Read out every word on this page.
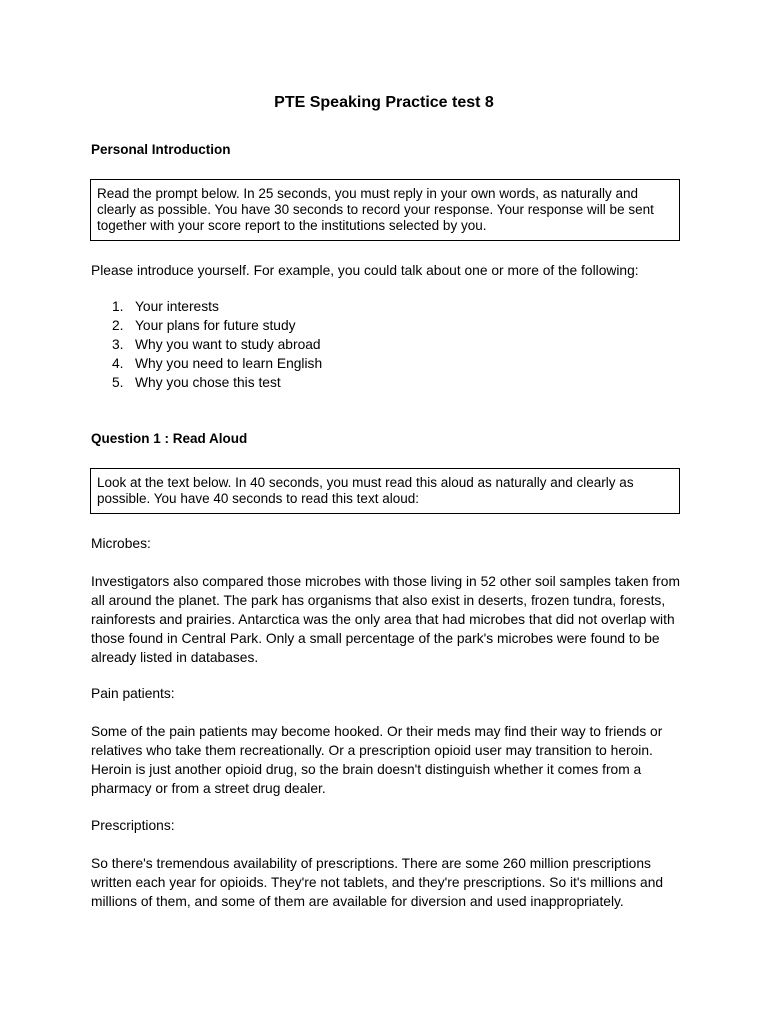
PTE Speaking Practice test 8
Personal Introduction
Read the prompt below. In 25 seconds, you must reply in your own words, as naturally and clearly as possible. You have 30 seconds to record your response. Your response will be sent together with your score report to the institutions selected by you.
Please introduce yourself. For example, you could talk about one or more of the following:
1. Your interests
2. Your plans for future study
3. Why you want to study abroad
4. Why you need to learn English
5. Why you chose this test
Question 1 : Read Aloud
Look at the text below. In 40 seconds, you must read this aloud as naturally and clearly as possible. You have 40 seconds to read this text aloud:
Microbes:
Investigators also compared those microbes with those living in 52 other soil samples taken from all around the planet. The park has organisms that also exist in deserts, frozen tundra, forests, rainforests and prairies. Antarctica was the only area that had microbes that did not overlap with those found in Central Park. Only a small percentage of the park's microbes were found to be already listed in databases.
Pain patients:
Some of the pain patients may become hooked. Or their meds may find their way to friends or relatives who take them recreationally. Or a prescription opioid user may transition to heroin. Heroin is just another opioid drug, so the brain doesn't distinguish whether it comes from a pharmacy or from a street drug dealer.
Prescriptions:
So there's tremendous availability of prescriptions. There are some 260 million prescriptions written each year for opioids. They're not tablets, and they're prescriptions. So it's millions and millions of them, and some of them are available for diversion and used inappropriately.
